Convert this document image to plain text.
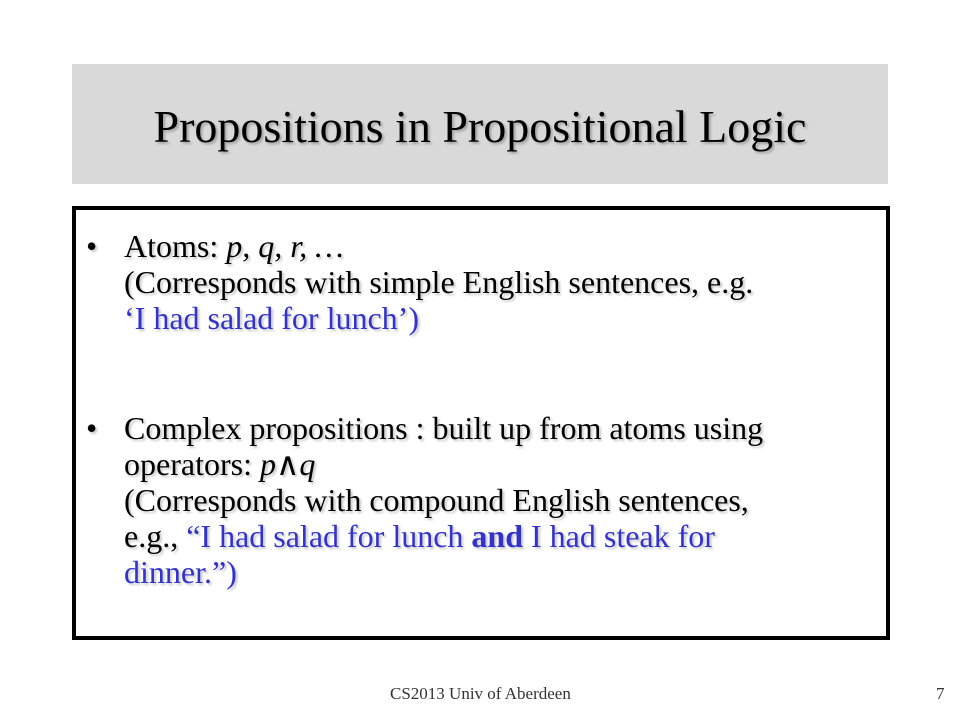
Propositions in Propositional Logic
• Atoms: p, q, r, …
(Corresponds with simple English sentences, e.g.
‘I had salad for lunch’)
• Complex propositions : built up from atoms using
operators: p∧q
(Corresponds with compound English sentences,
e.g., “I had salad for lunch and I had steak for
dinner.”)
CS2013 Univ of Aberdeen	7
